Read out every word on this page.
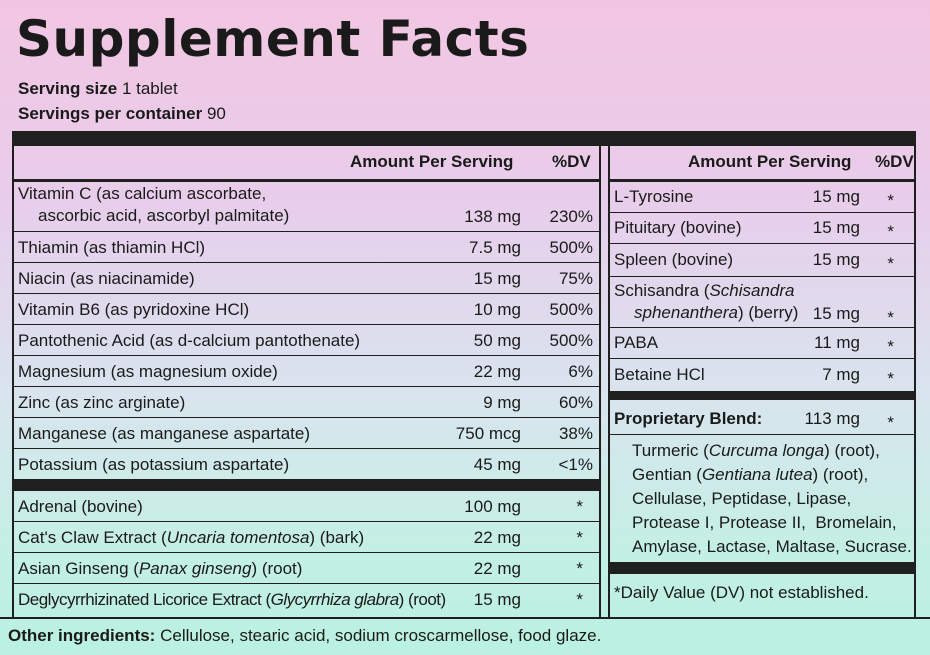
Supplement Facts
Serving size 1 tablet
Servings per container 90
Amount Per Serving %DV
Vitamin C (as calcium ascorbate,
ascorbic acid, ascorbyl palmitate)	138 mg 230%
Thiamin (as thiamin HCl)	7.5 mg 500%
Niacin (as niacinamide)	15 mg 75%
Vitamin B6 (as pyridoxine HCl)	10 mg 500%
Pantothenic Acid (as d-calcium pantothenate)	50 mg 500%
Magnesium (as magnesium oxide)	22 mg	6%
Zinc (as zinc arginate)	9 mg 60%
Manganese (as manganese aspartate)	750 mcg 38%
Potassium (as potassium aspartate)	45 mg <1%
Adrenal (bovine)	100 mg	*
Cat's Claw Extract (Uncaria tomentosa) (bark)	22 mg	*
Asian Ginseng (Panax ginseng) (root)	22 mg	*
Deglycyrrhizinated Licorice Extract (Glycyrrhiza glabra) (root) 15 mg	*
Amount Per Serving %DV
L-Tyrosine	15 mg *
Pituitary (bovine)	15 mg *
Spleen (bovine)	15 mg *
Schisandra (Schisandra
sphenanthera) (berry) 15 mg *
PABA	11 mg *
Betaine HCl	7 mg *
Proprietary Blend: 113 mg *
Turmeric (Curcuma longa) (root),
Gentian (Gentiana lutea) (root),
Cellulase, Peptidase, Lipase,
Protease I, Protease II,  Bromelain,
Amylase, Lactase, Maltase, Sucrase.
*Daily Value (DV) not established.
Other ingredients: Cellulose, stearic acid, sodium croscarmellose, food glaze.
